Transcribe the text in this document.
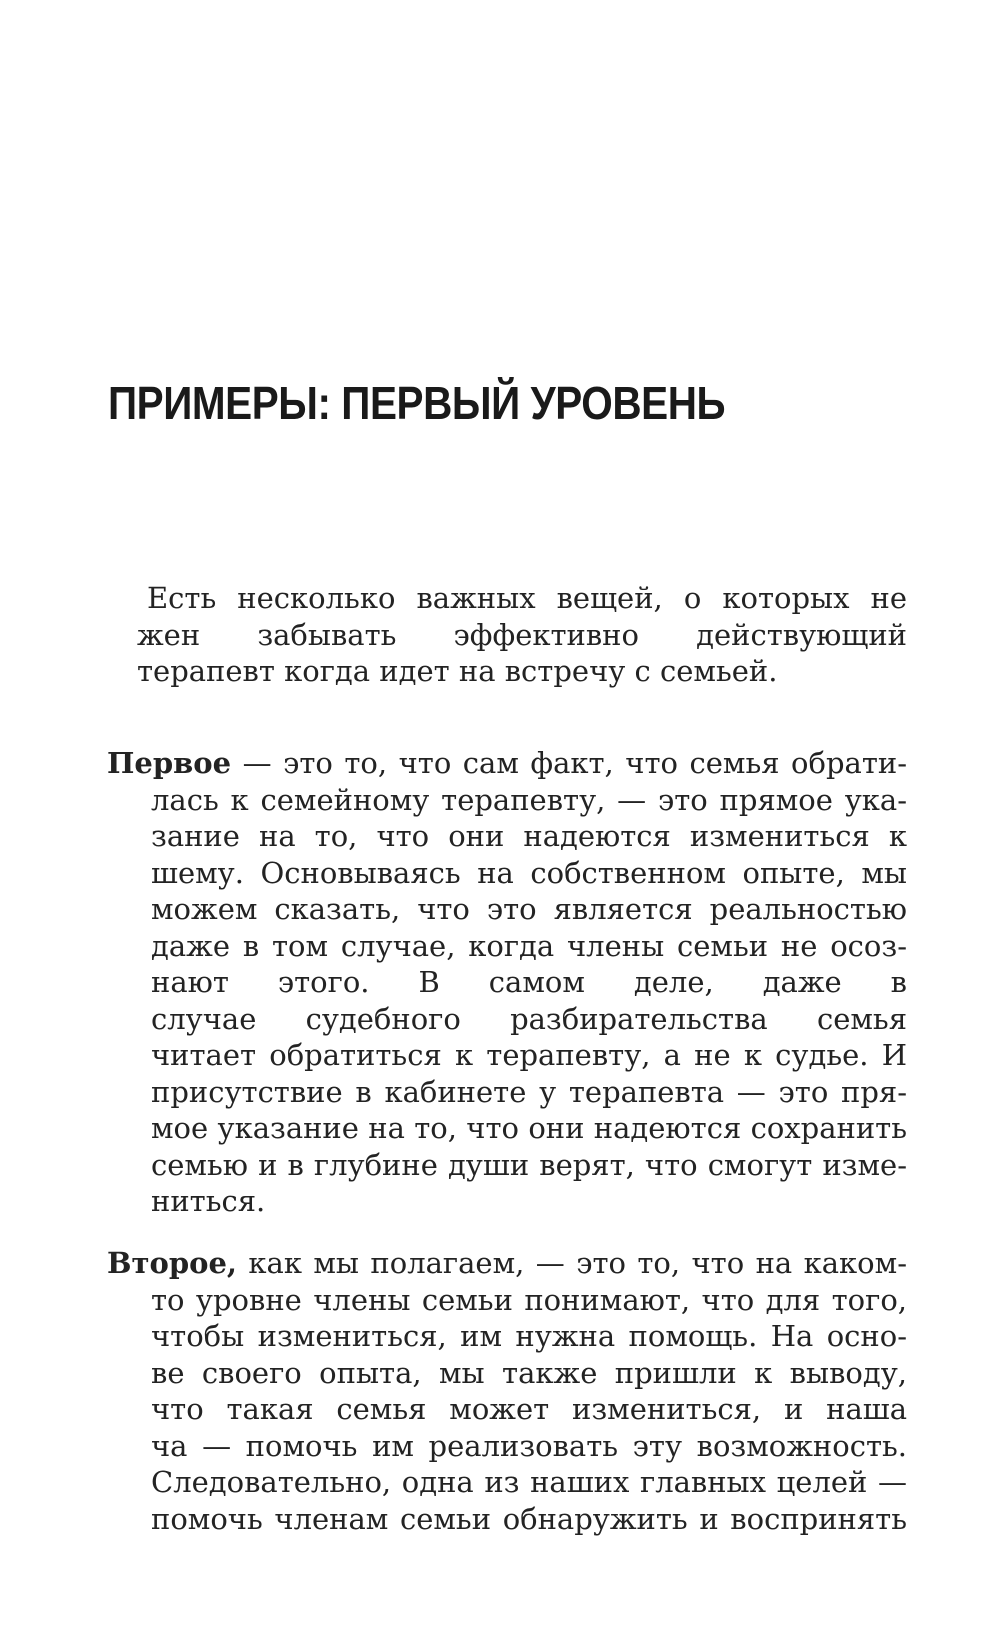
ПРИМЕРЫ: ПЕРВЫЙ УРОВЕНЬ
Есть несколько важных вещей, о которых не
жен забывать эффективно действующий
терапевт когда идет на встречу с семьей.
Первое — это то, что сам факт, что семья обрати-
лась к семейному терапевту, — это прямое ука-
зание на то, что они надеются измениться к
шему. Основываясь на собственном опыте, мы
можем сказать, что это является реальностью
даже в том случае, когда члены семьи не осоз-
нают этого. В самом деле, даже в
случае судебного разбирательства семья
читает обратиться к терапевту, а не к судье. И
присутствие в кабинете у терапевта — это пря-
мое указание на то, что они надеются сохранить
семью и в глубине души верят, что смогут изме-
ниться.
Второе, как мы полагаем, — это то, что на каком-
то уровне члены семьи понимают, что для того,
чтобы измениться, им нужна помощь. На осно-
ве своего опыта, мы также пришли к выводу,
что такая семья может измениться, и наша
ча — помочь им реализовать эту возможность.
Следовательно, одна из наших главных целей —
помочь членам семьи обнаружить и воспринять
